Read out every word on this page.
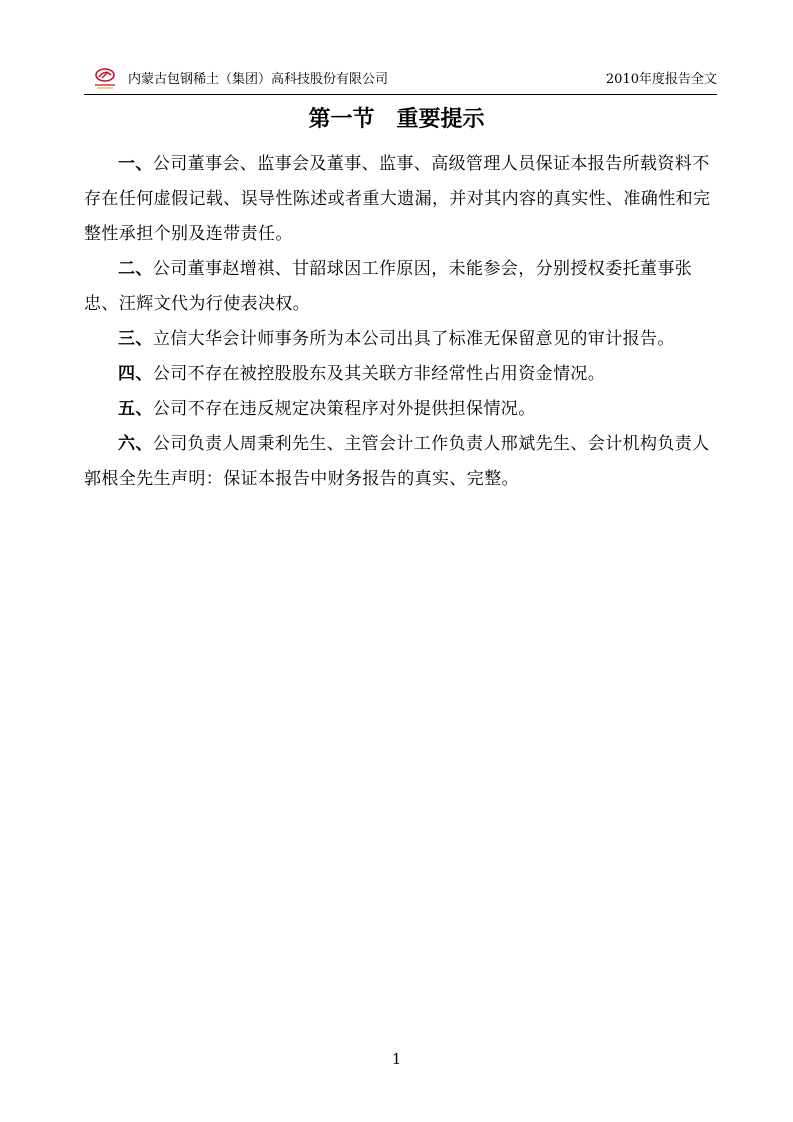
内蒙古包钢稀土（集团）高科技股份有限公司	2010年度报告全文
第一节　重要提示

一、公司董事会、监事会及董事、监事、高级管理人员保证本报告所载资料不存在任何虚假记载、误导性陈述或者重大遗漏，并对其内容的真实性、准确性和完整性承担个别及连带责任。

二、公司董事赵增祺、甘韶球因工作原因，未能参会，分别授权委托董事张忠、汪辉文代为行使表决权。

三、立信大华会计师事务所为本公司出具了标准无保留意见的审计报告。

四、公司不存在被控股股东及其关联方非经常性占用资金情况。

五、公司不存在违反规定决策程序对外提供担保情况。

六、公司负责人周秉利先生、主管会计工作负责人邢斌先生、会计机构负责人郭根全先生声明：保证本报告中财务报告的真实、完整。

1
